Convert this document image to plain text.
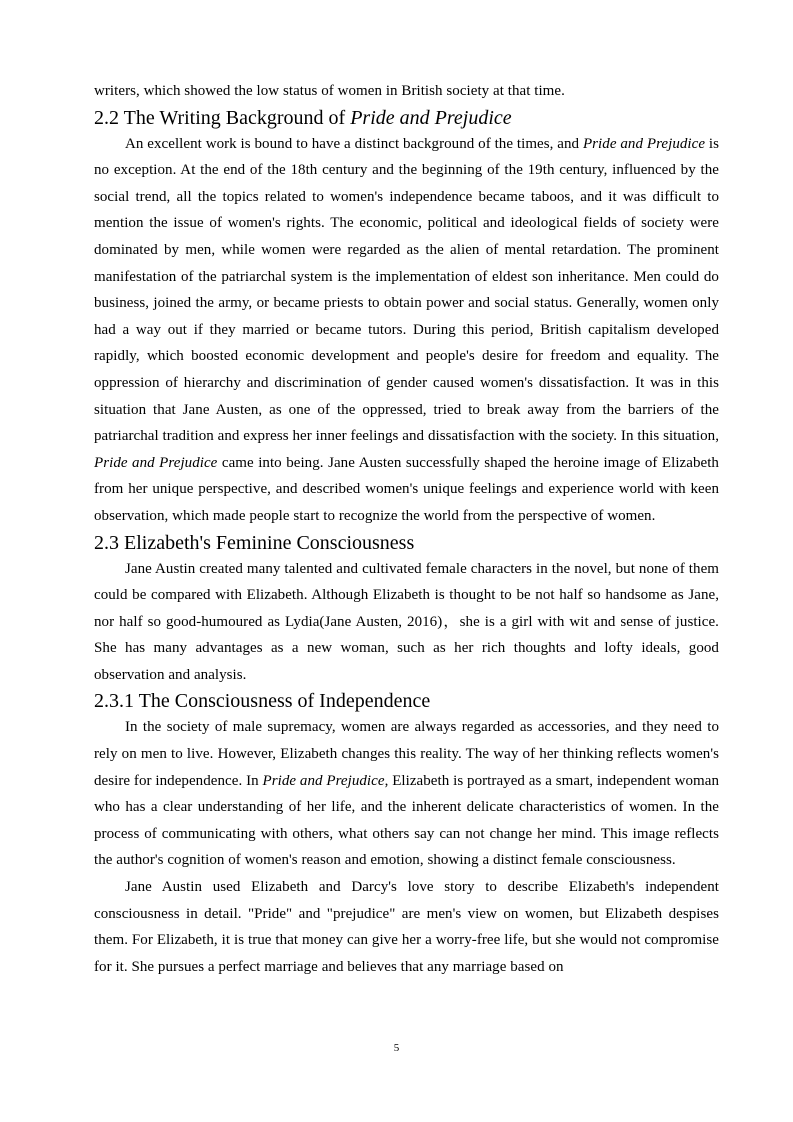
writers, which showed the low status of women in British society at that time.

2.2 The Writing Background of Pride and Prejudice

An excellent work is bound to have a distinct background of the times, and Pride and Prejudice is no exception. At the end of the 18th century and the beginning of the 19th century, influenced by the social trend, all the topics related to women's independence became taboos, and it was difficult to mention the issue of women's rights. The economic, political and ideological fields of society were dominated by men, while women were regarded as the alien of mental retardation. The prominent manifestation of the patriarchal system is the implementation of eldest son inheritance. Men could do business, joined the army, or became priests to obtain power and social status. Generally, women only had a way out if they married or became tutors. During this period, British capitalism developed rapidly, which boosted economic development and people's desire for freedom and equality. The oppression of hierarchy and discrimination of gender caused women's dissatisfaction. It was in this situation that Jane Austen, as one of the oppressed, tried to break away from the barriers of the patriarchal tradition and express her inner feelings and dissatisfaction with the society. In this situation, Pride and Prejudice came into being. Jane Austen successfully shaped the heroine image of Elizabeth from her unique perspective, and described women's unique feelings and experience world with keen observation, which made people start to recognize the world from the perspective of women.

2.3 Elizabeth's Feminine Consciousness

Jane Austin created many talented and cultivated female characters in the novel, but none of them could be compared with Elizabeth. Although Elizabeth is thought to be not half so handsome as Jane, nor half so good-humoured as Lydia(Jane Austen, 2016)，she is a girl with wit and sense of justice. She has many advantages as a new woman, such as her rich thoughts and lofty ideals, good observation and analysis.

2.3.1 The Consciousness of Independence

In the society of male supremacy, women are always regarded as accessories, and they need to rely on men to live. However, Elizabeth changes this reality. The way of her thinking reflects women's desire for independence. In Pride and Prejudice, Elizabeth is portrayed as a smart, independent woman who has a clear understanding of her life, and the inherent delicate characteristics of women. In the process of communicating with others, what others say can not change her mind. This image reflects the author's cognition of women's reason and emotion, showing a distinct female consciousness.

Jane Austin used Elizabeth and Darcy's love story to describe Elizabeth's independent consciousness in detail. "Pride" and "prejudice" are men's view on women, but Elizabeth despises them. For Elizabeth, it is true that money can give her a worry-free life, but she would not compromise for it. She pursues a perfect marriage and believes that any marriage based on

5
